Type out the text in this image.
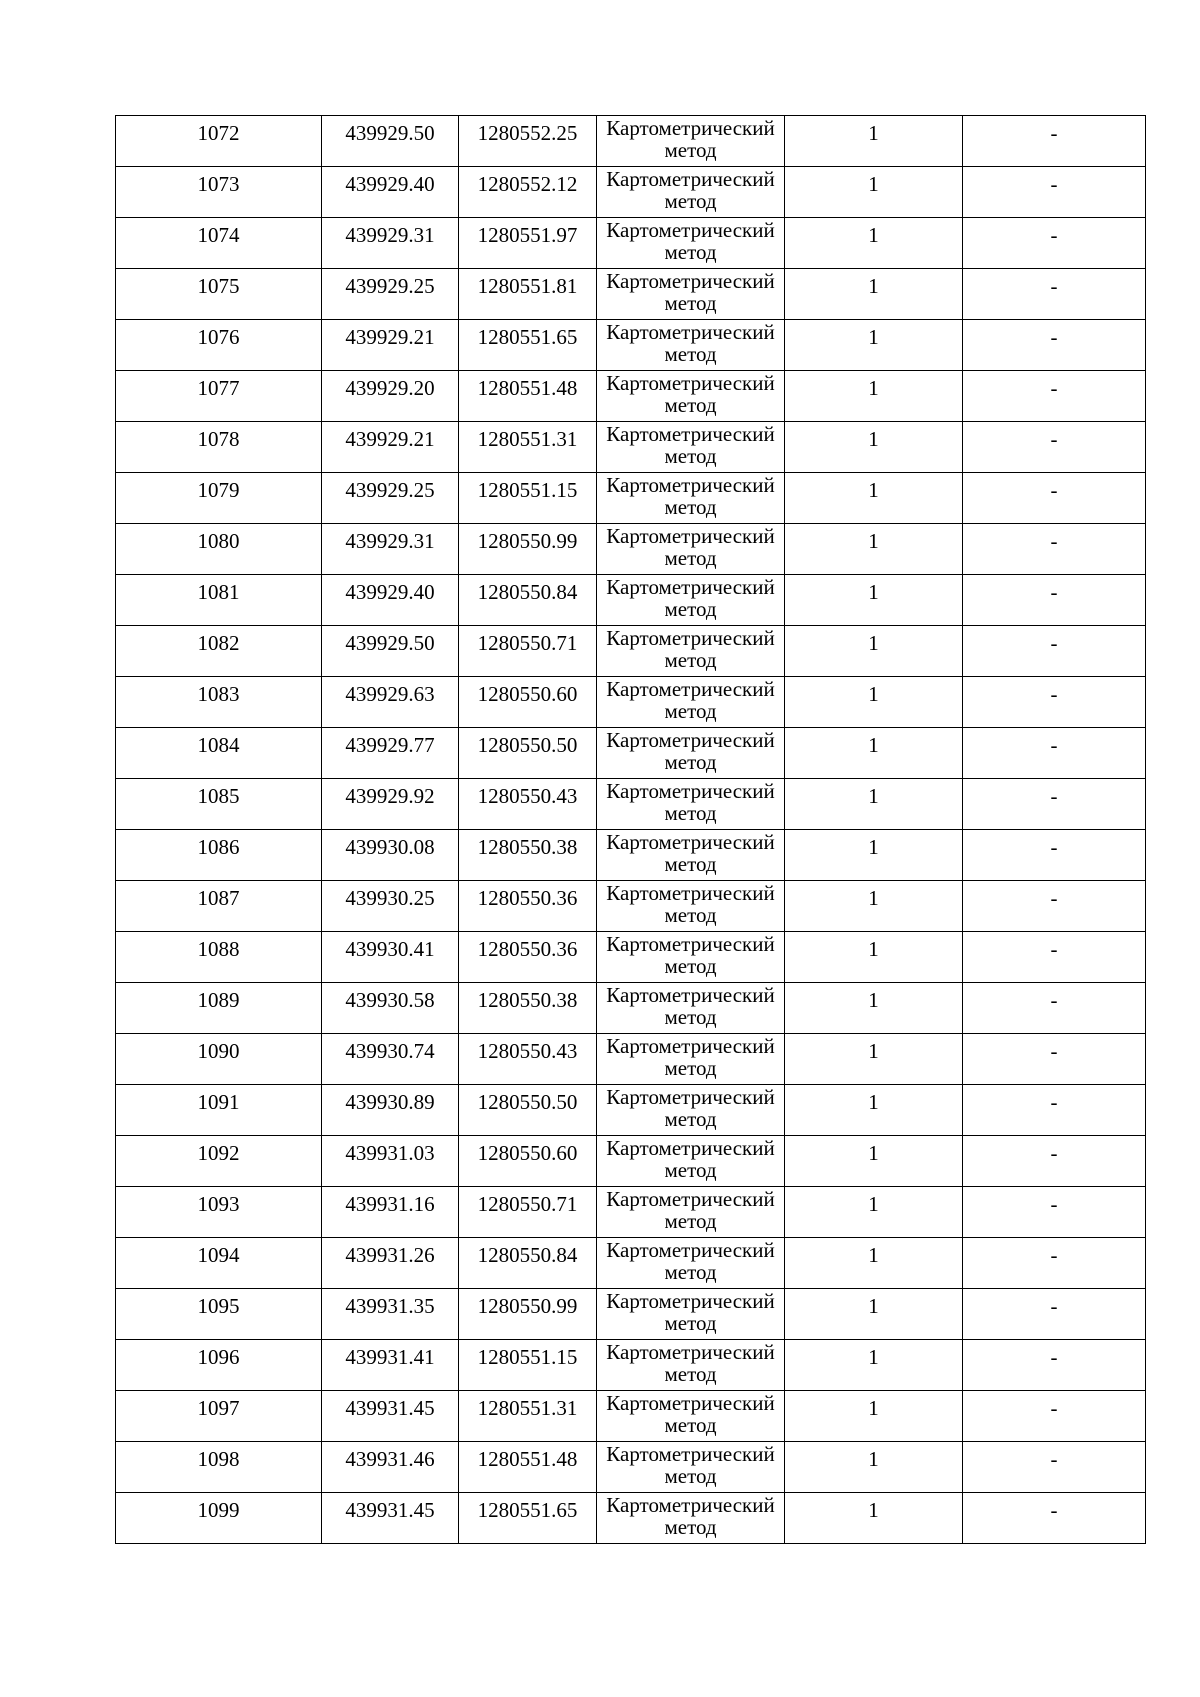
1072	439929.50	1280552.25	Картометрический
метод	1	-
1073	439929.40	1280552.12	Картометрический
метод	1	-
1074	439929.31	1280551.97	Картометрический
метод	1	-
1075	439929.25	1280551.81	Картометрический
метод	1	-
1076	439929.21	1280551.65	Картометрический
метод	1	-
1077	439929.20	1280551.48	Картометрический
метод	1	-
1078	439929.21	1280551.31	Картометрический
метод	1	-
1079	439929.25	1280551.15	Картометрический
метод	1	-
1080	439929.31	1280550.99	Картометрический
метод	1	-
1081	439929.40	1280550.84	Картометрический
метод	1	-
1082	439929.50	1280550.71	Картометрический
метод	1	-
1083	439929.63	1280550.60	Картометрический
метод	1	-
1084	439929.77	1280550.50	Картометрический
метод	1	-
1085	439929.92	1280550.43	Картометрический
метод	1	-
1086	439930.08	1280550.38	Картометрический
метод	1	-
1087	439930.25	1280550.36	Картометрический
метод	1	-
1088	439930.41	1280550.36	Картометрический
метод	1	-
1089	439930.58	1280550.38	Картометрический
метод	1	-
1090	439930.74	1280550.43	Картометрический
метод	1	-
1091	439930.89	1280550.50	Картометрический
метод	1	-
1092	439931.03	1280550.60	Картометрический
метод	1	-
1093	439931.16	1280550.71	Картометрический
метод	1	-
1094	439931.26	1280550.84	Картометрический
метод	1	-
1095	439931.35	1280550.99	Картометрический
метод	1	-
1096	439931.41	1280551.15	Картометрический
метод	1	-
1097	439931.45	1280551.31	Картометрический
метод	1	-
1098	439931.46	1280551.48	Картометрический
метод	1	-
1099	439931.45	1280551.65	Картометрический
метод	1	-
